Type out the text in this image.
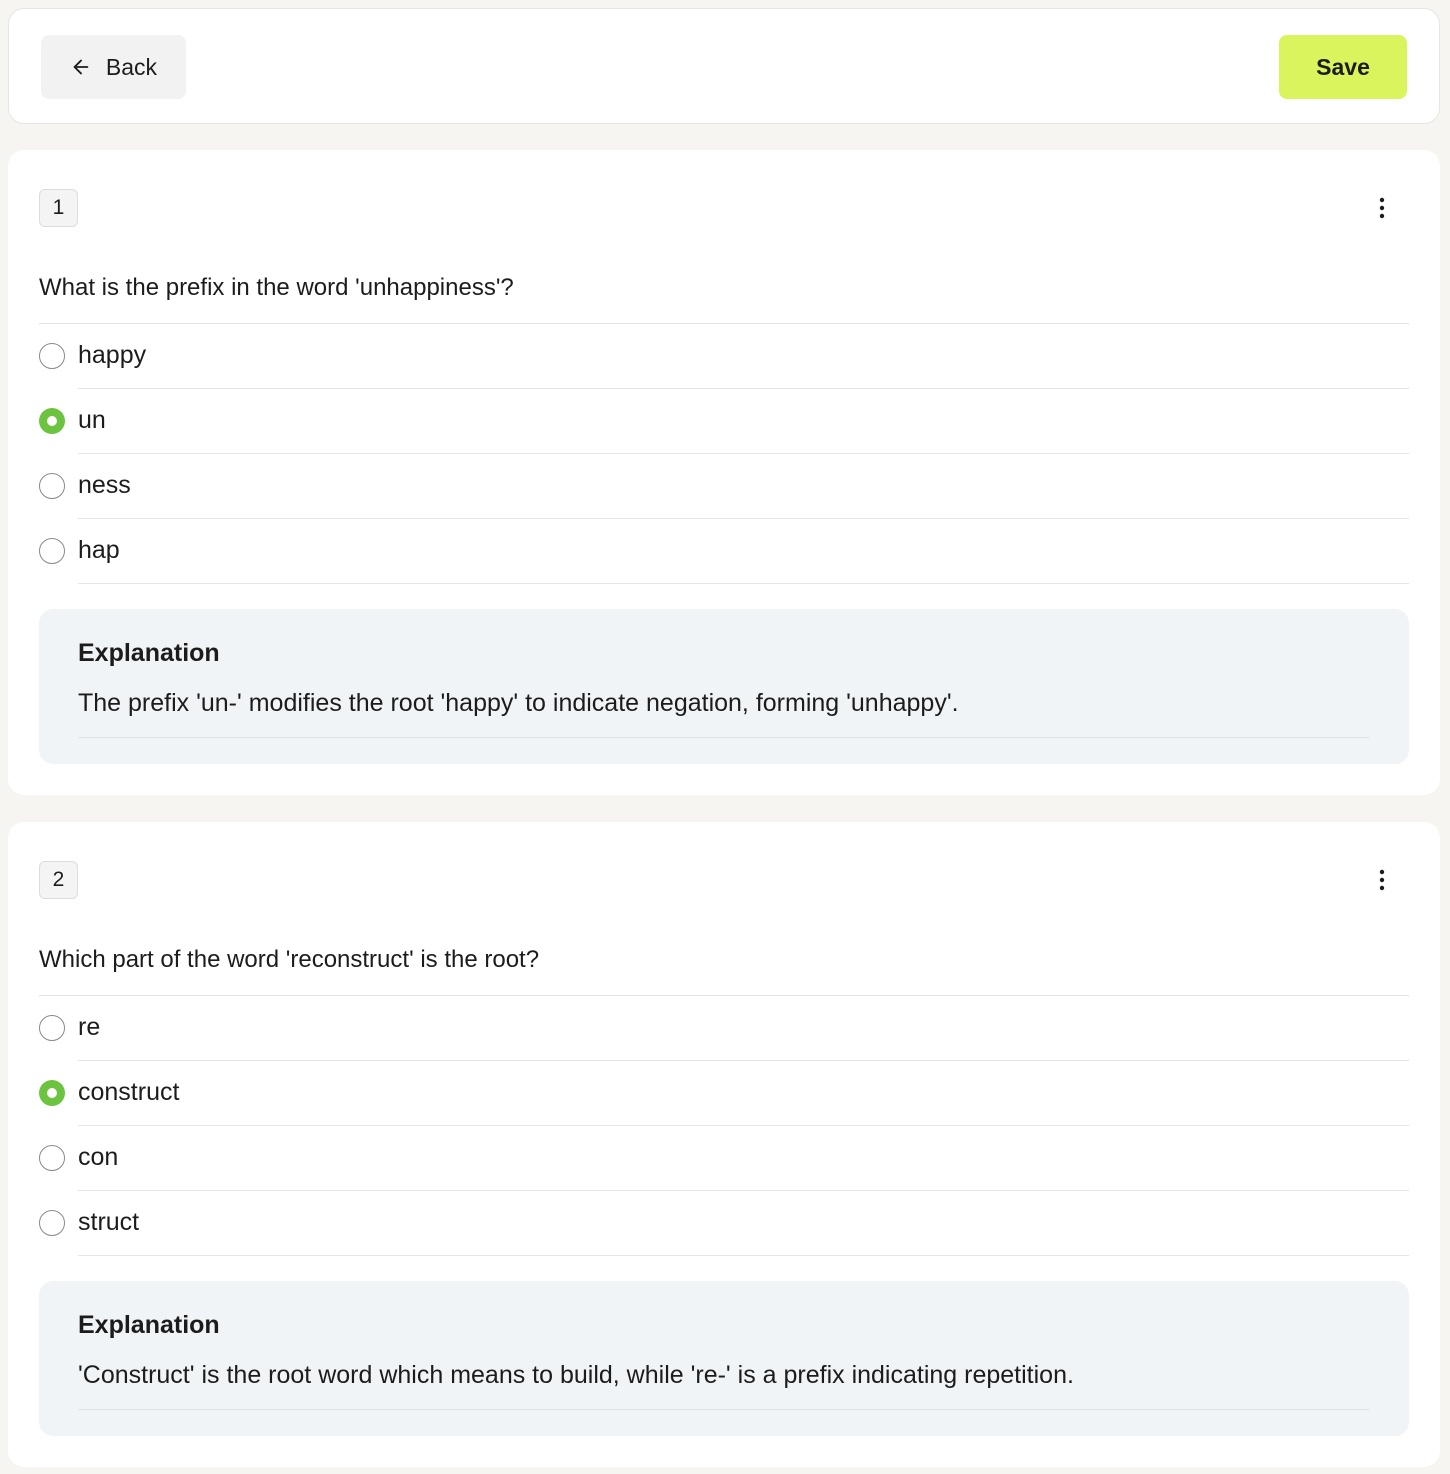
Back	Save
1
What is the prefix in the word 'unhappiness'?
happy
un
ness
hap
Explanation
The prefix 'un-' modifies the root 'happy' to indicate negation, forming 'unhappy'.
2
Which part of the word 'reconstruct' is the root?
re
construct
con
struct
Explanation
'Construct' is the root word which means to build, while 're-' is a prefix indicating repetition.
